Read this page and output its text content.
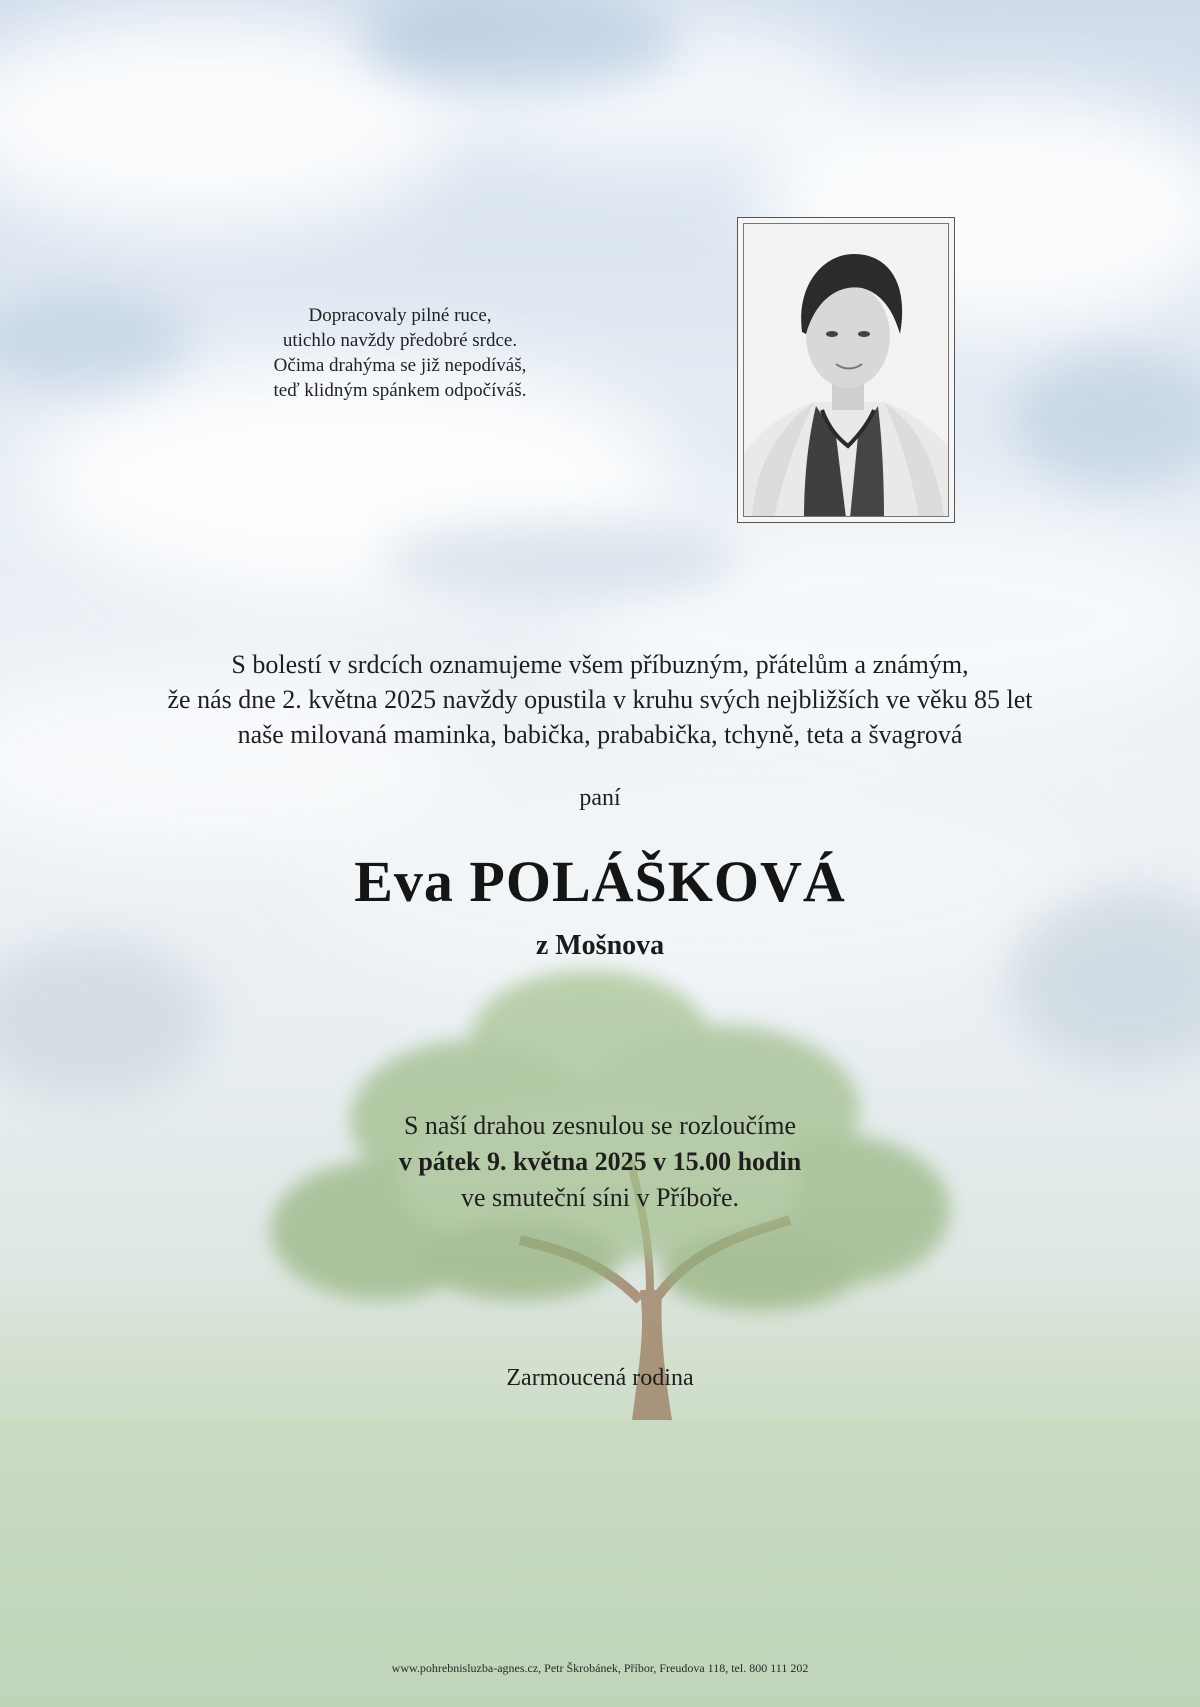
Dopracovaly pilné ruce,
utichlo navždy předobré srdce.
Očima drahýma se již nepodíváš,
teď klidným spánkem odpočíváš.
S bolestí v srdcích oznamujeme všem příbuzným, přátelům a známým,
že nás dne 2. května 2025 navždy opustila v kruhu svých nejbližších ve věku 85 let
naše milovaná maminka, babička, prababička, tchyně, teta a švagrová
paní
Eva POLÁŠKOVÁ
z Mošnova
S naší drahou zesnulou se rozloučíme
v pátek 9. května 2025 v 15.00 hodin
ve smuteční síni v Příboře.
Zarmoucená rodina
www.pohrebnisluzba-agnes.cz, Petr Škrobánek, Příbor, Freudova 118, tel. 800 111 202
